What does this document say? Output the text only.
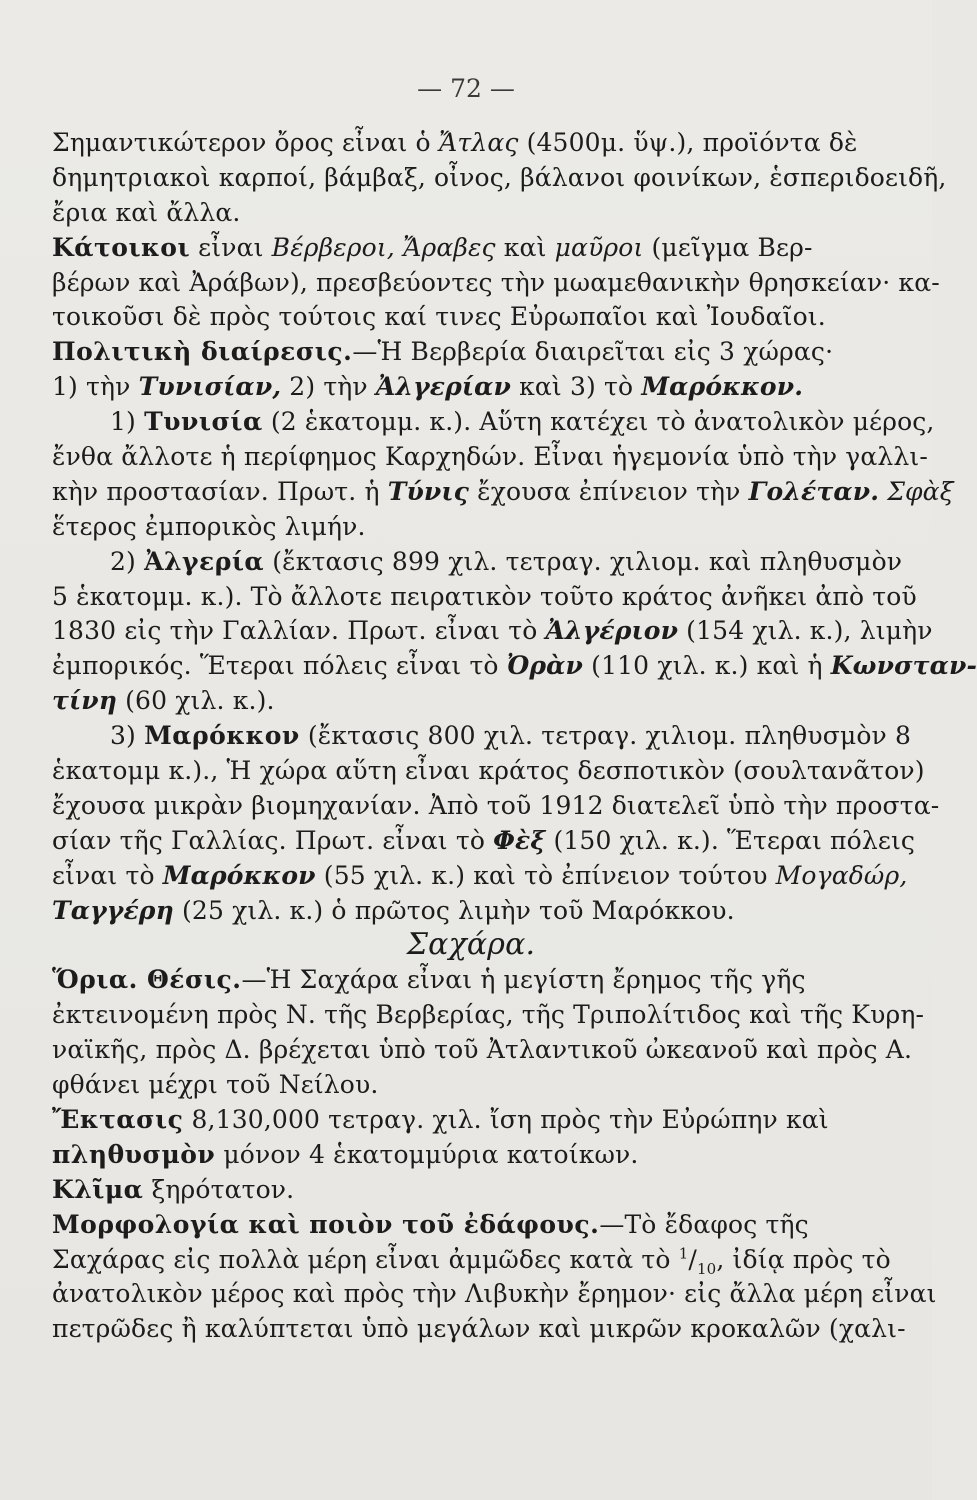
— 72 —
Σημαντικώτερον ὄρος εἶναι ὁ Ἄτλας (4500μ. ὕψ.), προϊόντα δὲ
δημητριακοὶ καρποί, βάμβαξ, οἶνος, βάλανοι φοινίκων, ἑσπεριδοειδῆ,
ἔρια καὶ ἄλλα.
Κάτοικοι εἶναι Βέρβεροι, Ἄραβες καὶ μαῦροι (μεῖγμα Βερ-
βέρων καὶ Ἀράβων), πρεσβεύοντες τὴν μωαμεθανικὴν θρησκείαν· κα-
τοικοῦσι δὲ πρὸς τούτοις καί τινες Εὐρωπαῖοι καὶ Ἰουδαῖοι.
Πολιτικὴ διαίρεσις.—Ἡ Βερβερία διαιρεῖται εἰς 3 χώρας·
1) τὴν Τυνισίαν, 2) τὴν Ἀλγερίαν καὶ 3) τὸ Μαρόκκον.
1) Τυνισία (2 ἑκατομμ. κ.). Αὕτη κατέχει τὸ ἀνατολικὸν μέρος,
ἔνθα ἄλλοτε ἡ περίφημος Καρχηδών. Εἶναι ἡγεμονία ὑπὸ τὴν γαλλι-
κὴν προστασίαν. Πρωτ. ἡ Τύνις ἔχουσα ἐπίνειον τὴν Γολέταν. Σφὰξ
ἕτερος ἐμπορικὸς λιμήν.
2) Ἀλγερία (ἔκτασις 899 χιλ. τετραγ. χιλιομ. καὶ πληθυσμὸν
5 ἑκατομμ. κ.). Τὸ ἄλλοτε πειρατικὸν τοῦτο κράτος ἀνῆκει ἀπὸ τοῦ
1830 εἰς τὴν Γαλλίαν. Πρωτ. εἶναι τὸ Ἀλγέριον (154 χιλ. κ.), λιμὴν
ἐμπορικός. Ἕτεραι πόλεις εἶναι τὸ Ὀρὰν (110 χιλ. κ.) καὶ ἡ Κωνσταν-
τίνη (60 χιλ. κ.).
3) Μαρόκκον (ἔκτασις 800 χιλ. τετραγ. χιλιομ. πληθυσμὸν 8
ἑκατομμ κ.)., Ἡ χώρα αὕτη εἶναι κράτος δεσποτικὸν (σουλτανᾶτον)
ἔχουσα μικρὰν βιομηχανίαν. Ἀπὸ τοῦ 1912 διατελεῖ ὑπὸ τὴν προστα-
σίαν τῆς Γαλλίας. Πρωτ. εἶναι τὸ Φὲξ (150 χιλ. κ.). Ἕτεραι πόλεις
εἶναι τὸ Μαρόκκον (55 χιλ. κ.) καὶ τὸ ἐπίνειον τούτου Μογαδώρ,
Ταγγέρη (25 χιλ. κ.) ὁ πρῶτος λιμὴν τοῦ Μαρόκκου.
Σαχάρα.
Ὅρια. Θέσις.—Ἡ Σαχάρα εἶναι ἡ μεγίστη ἔρημος τῆς γῆς
ἐκτεινομένη πρὸς Ν. τῆς Βερβερίας, τῆς Τριπολίτιδος καὶ τῆς Κυρη-
ναϊκῆς, πρὸς Δ. βρέχεται ὑπὸ τοῦ Ἀτλαντικοῦ ὠκεανοῦ καὶ πρὸς Α.
φθάνει μέχρι τοῦ Νείλου.
Ἔκτασις 8,130,000 τετραγ. χιλ. ἴση πρὸς τὴν Εὐρώπην καὶ
πληθυσμὸν μόνον 4 ἑκατομμύρια κατοίκων.
Κλῖμα ξηρότατον.
Μορφολογία καὶ ποιὸν τοῦ ἐδάφους.—Τὸ ἔδαφος τῆς
Σαχάρας εἰς πολλὰ μέρη εἶναι ἀμμῶδες κατὰ τὸ $^1/_{10}$, ἰδίᾳ πρὸς τὸ
ἀνατολικὸν μέρος καὶ πρὸς τὴν Λιβυκὴν ἔρημον· εἰς ἄλλα μέρη εἶναι
πετρῶδες ἢ καλύπτεται ὑπὸ μεγάλων καὶ μικρῶν κροκαλῶν (χαλι-
